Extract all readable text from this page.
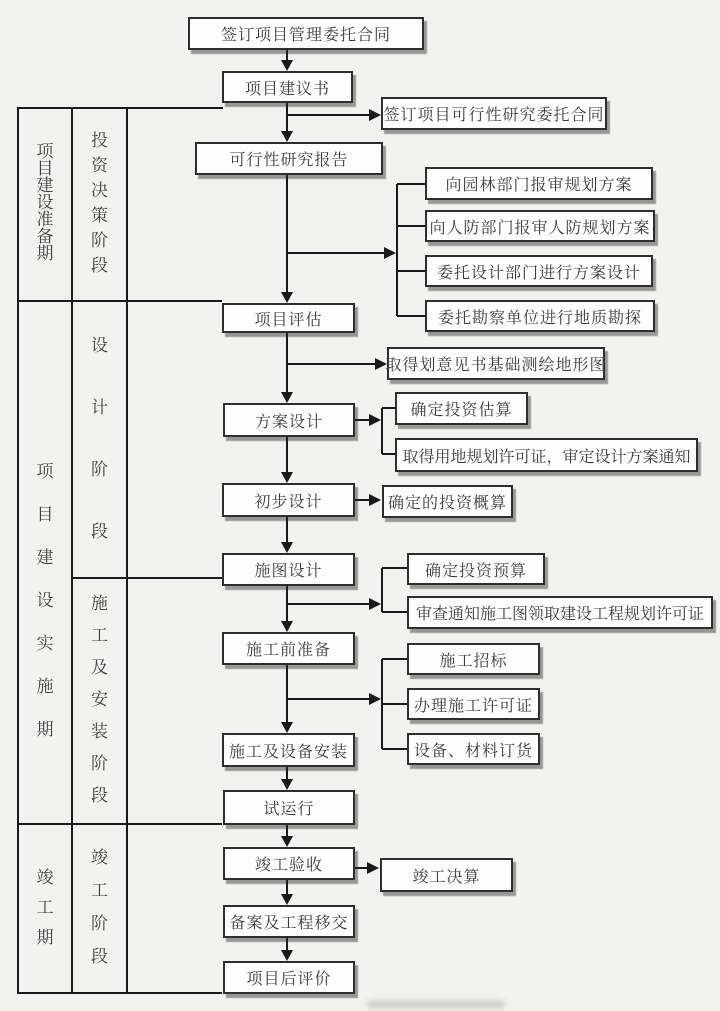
项
目
建
设
准
备
期
项
目
建
设
实
施
期
竣
工
期
投
资
决
策
阶
段
设
计
阶
段
施
工
及
安
装
阶
段
竣
工
阶
段
签订项目管理委托合同
项目建议书
可行性研究报告
项目评估
方案设计
初步设计
施图设计
施工前准备
施工及设备安装
试运行
竣工验收
备案及工程移交
项目后评价
签订项目可行性研究委托合同
向园林部门报审规划方案
向人防部门报审人防规划方案
委托设计部门进行方案设计
委托勘察单位进行地质勘探
取得划意见书基础测绘地形图
确定投资估算
取得用地规划许可证，审定设计方案通知
确定的投资概算
确定投资预算
审查通知施工图领取建设工程规划许可证
施工招标
办理施工许可证
设备、材料订货
竣工决算
